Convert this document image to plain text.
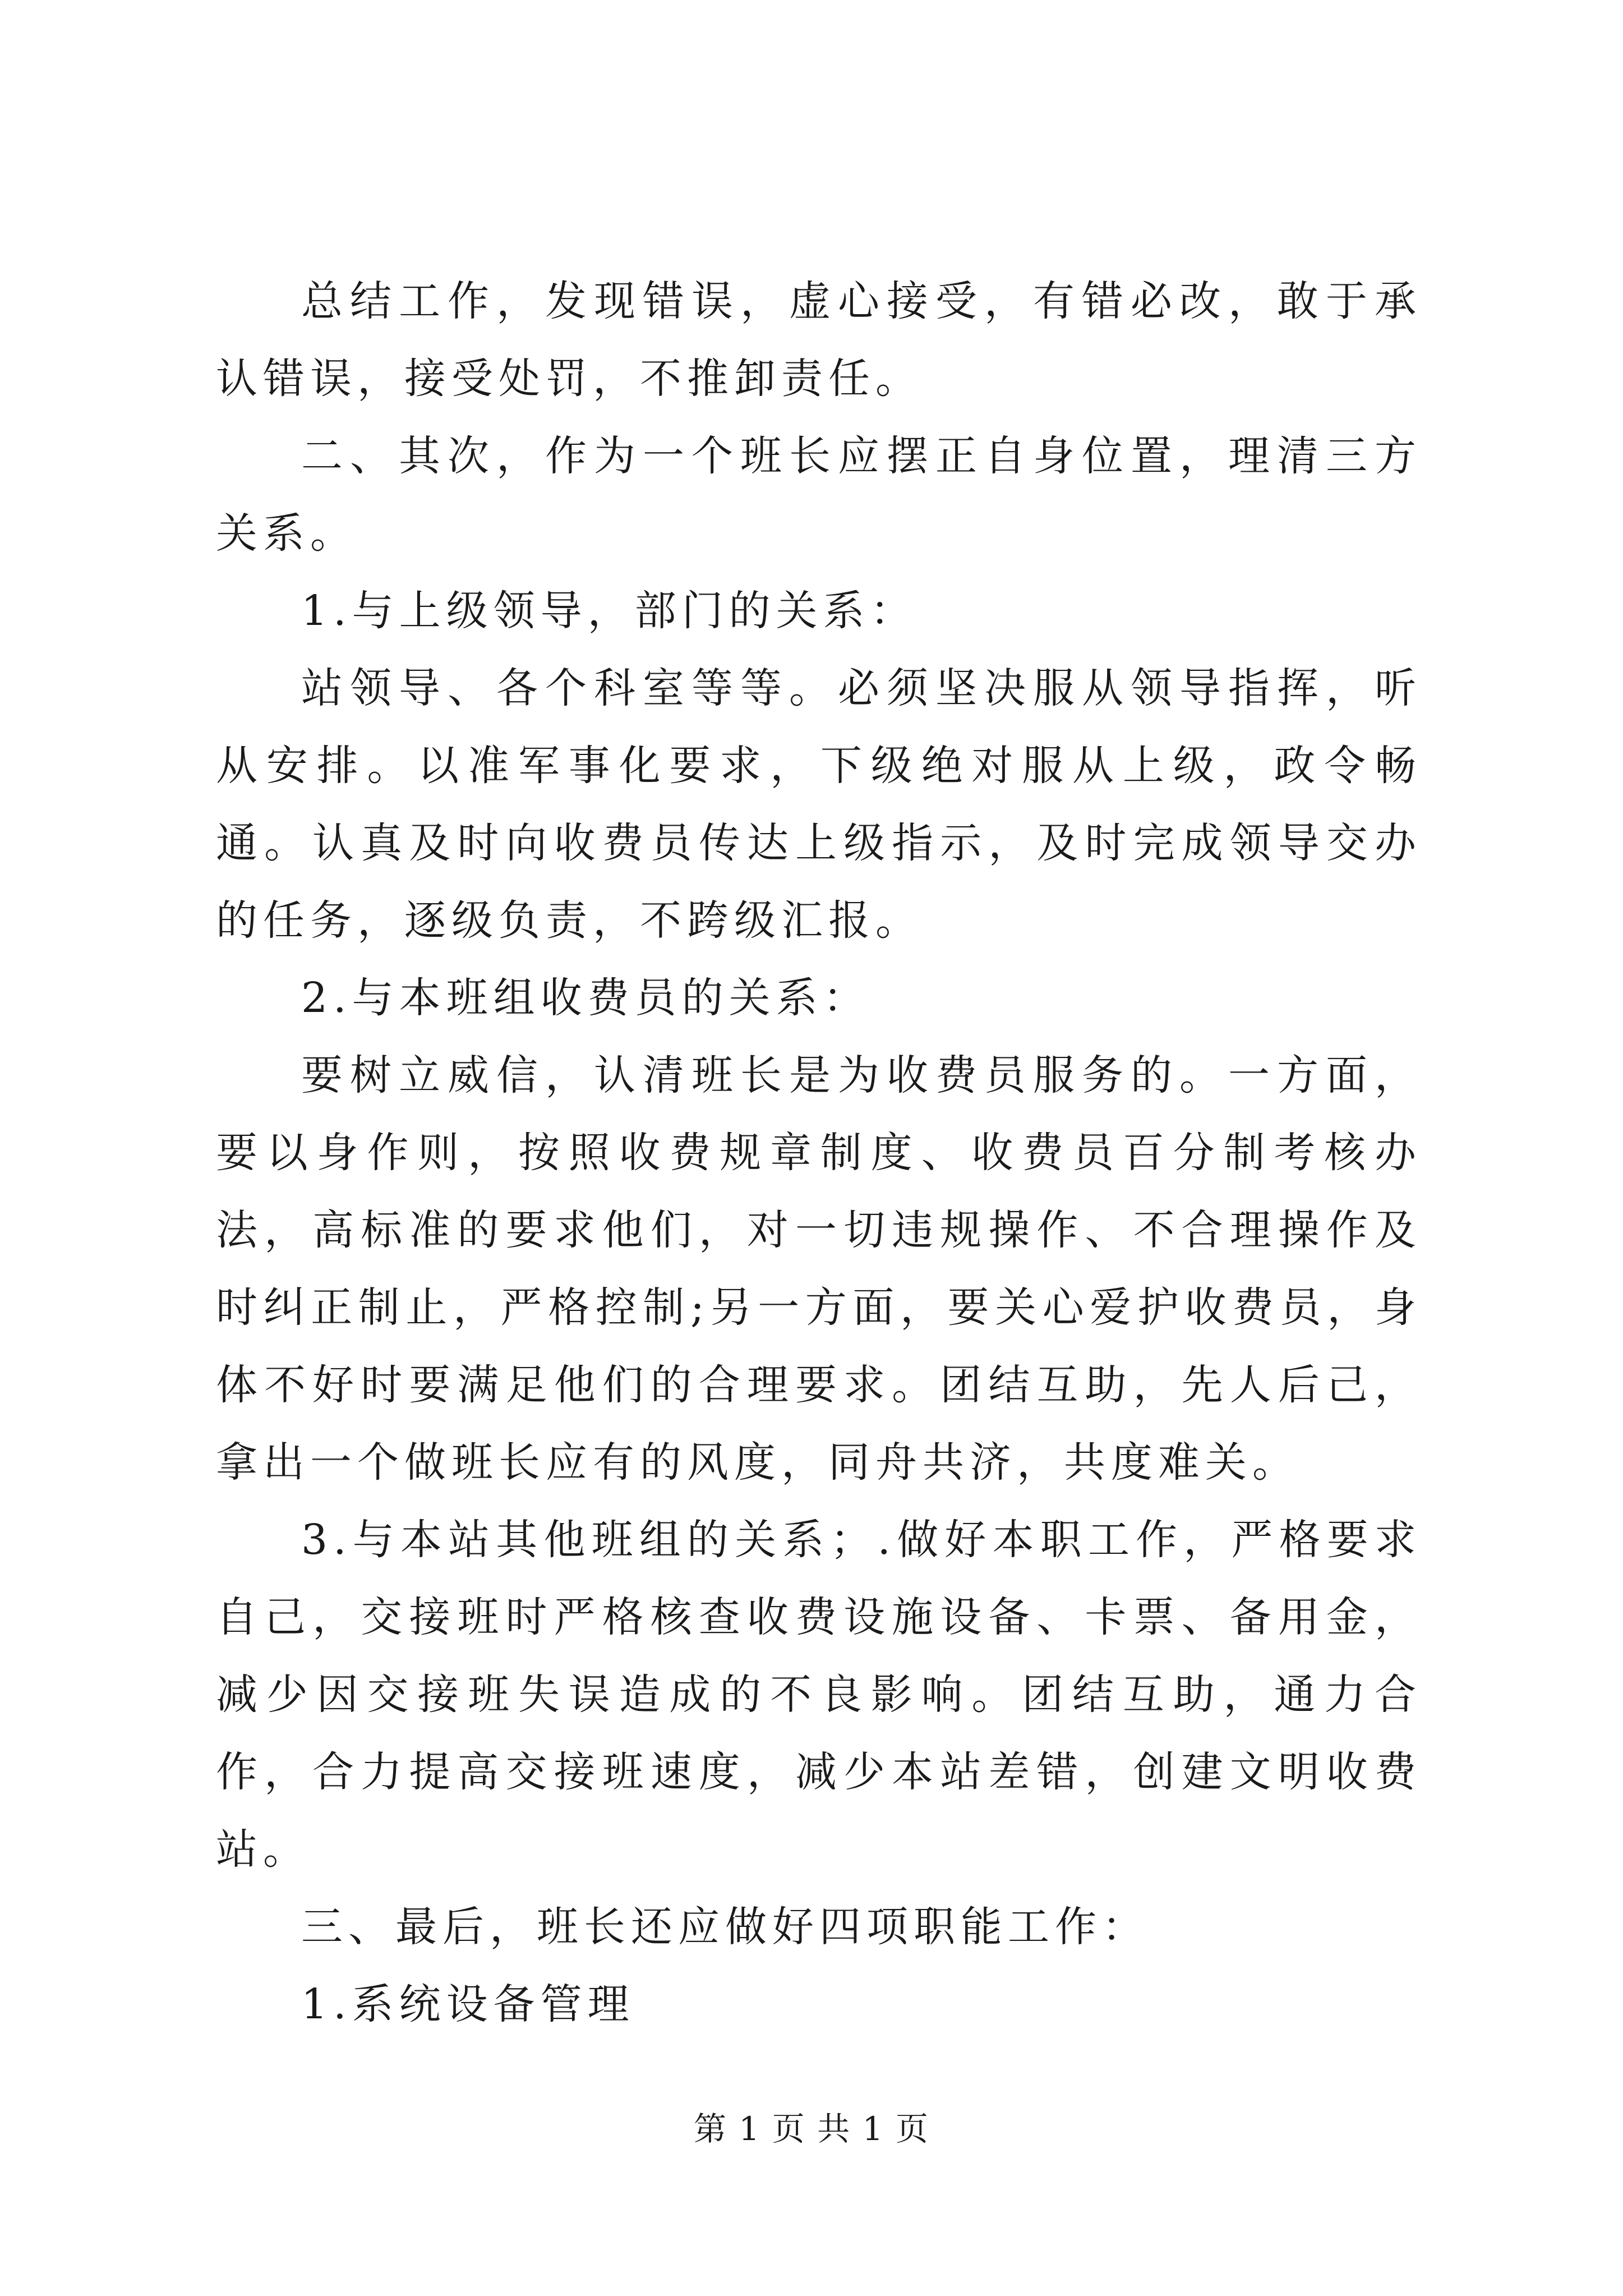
总结工作，发现错误，虚心接受，有错必改，敢于承认错误，接受处罚，不推卸责任。

二、其次，作为一个班长应摆正自身位置，理清三方关系。

1.与上级领导，部门的关系：

站领导、各个科室等等。必须坚决服从领导指挥，听从安排。以准军事化要求，下级绝对服从上级，政令畅通。认真及时向收费员传达上级指示，及时完成领导交办的任务，逐级负责，不跨级汇报。

2.与本班组收费员的关系：

要树立威信，认清班长是为收费员服务的。一方面，要以身作则，按照收费规章制度、收费员百分制考核办法，高标准的要求他们，对一切违规操作、不合理操作及时纠正制止，严格控制;另一方面，要关心爱护收费员，身体不好时要满足他们的合理要求。团结互助，先人后己，拿出一个做班长应有的风度，同舟共济，共度难关。

3.与本站其他班组的关系；.做好本职工作，严格要求自己，交接班时严格核查收费设施设备、卡票、备用金，减少因交接班失误造成的不良影响。团结互助，通力合作，合力提高交接班速度，减少本站差错，创建文明收费站。

三、最后，班长还应做好四项职能工作：

1.系统设备管理

第 1 页 共 1 页
